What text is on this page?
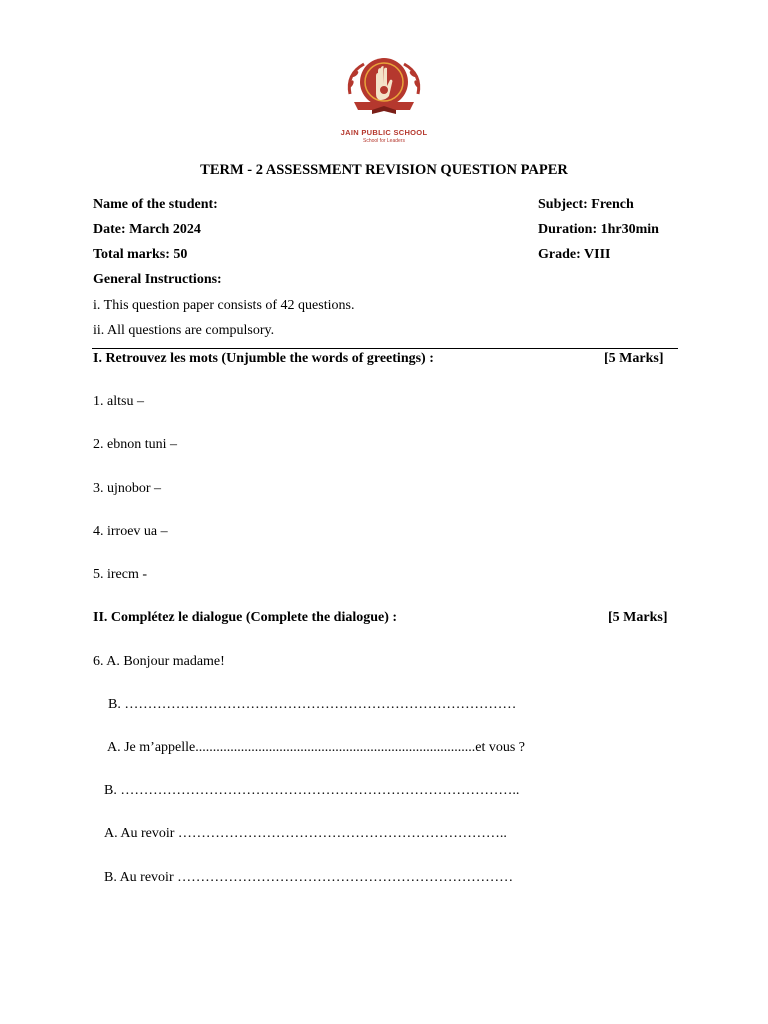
JAIN PUBLIC SCHOOL
School for Leaders
TERM - 2 ASSESSMENT REVISION QUESTION PAPER
Name of the student:	Subject: French
Date: March 2024	Duration: 1hr30min
Total marks: 50	Grade: VIII
General Instructions:
i. This question paper consists of 42 questions.
ii. All questions are compulsory.
I. Retrouvez les mots (Unjumble the words of greetings) :	[5 Marks]
1. altsu –
2. ebnon tuni –
3. ujnobor –
4. irroev ua –
5. irecm -
II. Complétez le dialogue (Complete the dialogue) :	[5 Marks]
6. A. Bonjour madame!
B. …………………………………………………………………………
A. Je m’appelle................................................................................et vous ?
B. …………………………………………………………………………..
A. Au revoir ……………………………………………………………..
B. Au revoir ………………………………………………………………
